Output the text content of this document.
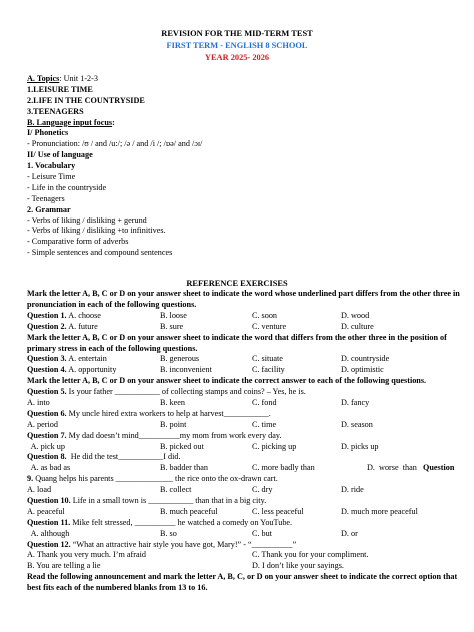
REVISION FOR THE MID-TERM TEST
FIRST TERM - ENGLISH 8 SCHOOL
YEAR 2025- 2026
A. Topics: Unit 1-2-3
1.LEISURE TIME
2.LIFE IN THE COUNTRYSIDE
3.TEENAGERS
B. Language input focus:
I/ Phonetics
- Pronunciation: /ʊ / and /u:/; /ə / and /i /; /ɒə/ and /ɔɪ/
II/ Use of language
1. Vocabulary
- Leisure Time
- Life in the countryside
- Teenagers
2. Grammar
- Verbs of liking / disliking + gerund
- Verbs of liking / disliking +to infinitives.
- Comparative form of adverbs
- Simple sentences and compound sentences
REFERENCE EXERCISES
Mark the letter A, B, C or D on your answer sheet to indicate the word whose underlined part differs from the other three in pronunciation in each of the following questions.
Question 1. A. choose	B. loose	C. soon	D. wood
Question 2. A. future	B. sure	C. venture	D. culture
Mark the letter A, B, C or D on your answer sheet to indicate the word that differs from the other three in the position of primary stress in each of the following questions.
Question 3. A. entertain	B. generous	C. situate	D. countryside
Question 4. A. opportunity	B. inconvenient	C. facility	D. optimistic
Mark the letter A, B, C or D on your answer sheet to indicate the correct answer to each of the following questions.
Question 5. Is your father ___________ of collecting stamps and coins? – Yes, he is.
A. into	B. keen	C. fond	D. fancy
Question 6. My uncle hired extra workers to help at harvest___________.
A. period	B. point	C. time	D. season
Question 7. My dad doesn’t mind__________my mom from work every day.
A. pick up	B. picked out	C. picking up	D. picks up
Question 8.  He did the test___________I did.
A. as bad as	B. badder than	C. more badly than	D.  worse  than Question
9. Quang helps his parents ______________ the rice onto the ox-drawn cart.
A. load	B. collect	C. dry	D. ride
Question 10. Life in a small town is ___________ than that in a big city.
A. peaceful	B. much peaceful	C. less peaceful	D. much more peaceful
Question 11. Mike felt stressed, __________ he watched a comedy on YouTube.
A. although	B. so	C. but	D. or
Question 12. “What an attractive hair style you have got, Mary!” - “__________”
A. Thank you very much. I’m afraid	C. Thank you for your compliment.
B. You are telling a lie	D. I don’t like your sayings.
Read the following announcement and mark the letter A, B, C, or D on your answer sheet to indicate the correct option that best fits each of the numbered blanks from 13 to 16.
